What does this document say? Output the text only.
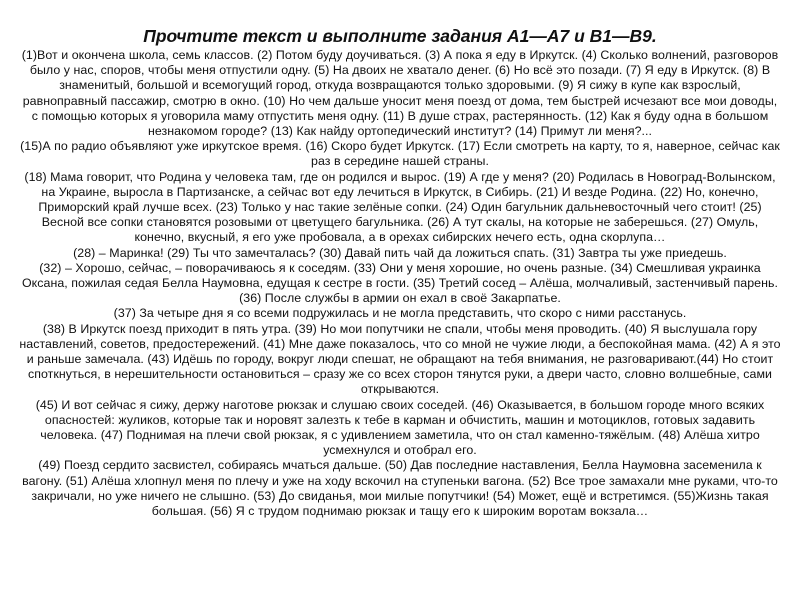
Прочтите текст и выполните задания А1—А7 и В1—В9.

(1)Вот и окончена школа, семь классов. (2) Потом буду доучиваться. (3) А пока я еду в Иркутск. (4) Сколько волнений, разговоров было у нас, споров, чтобы меня отпустили одну. (5) На двоих не хватало денег. (6) Но всё это позади. (7) Я еду в Иркутск. (8) В знаменитый, большой и всемогущий город, откуда возвращаются только здоровыми. (9) Я сижу в купе как взрослый, равноправный пассажир, смотрю в окно. (10) Но чем дальше уносит меня поезд от дома, тем быстрей исчезают все мои доводы, с помощью которых я уговорила маму отпустить меня одну. (11) В душе страх, растерянность. (12) Как я буду одна в большом незнакомом городе? (13) Как найду ортопедический институт? (14) Примут ли меня?...

(15)А по радио объявляют уже иркутское время. (16) Скоро будет Иркутск. (17) Если смотреть на карту, то я, наверное, сейчас как раз в середине нашей страны.

(18) Мама говорит, что Родина у человека там, где он родился и вырос. (19) А где у меня? (20) Родилась в Новоград-Волынском, на Украине, выросла в Партизанске, а сейчас вот еду лечиться в Иркутск, в Сибирь. (21) И везде Родина. (22) Но, конечно, Приморский край лучше всех. (23) Только у нас такие зелёные сопки. (24) Один багульник дальневосточный чего стоит! (25) Весной все сопки становятся розовыми от цветущего багульника. (26) А тут скалы, на которые не заберешься. (27) Омуль, конечно, вкусный, я его уже пробовала, а в орехах сибирских нечего есть, одна скорлупа…

(28) – Маринка! (29) Ты что замечталась? (30) Давай пить чай да ложиться спать. (31) Завтра ты уже приедешь.

(32) – Хорошо, сейчас, – поворачиваюсь я к соседям. (33) Они у меня хорошие, но очень разные. (34) Смешливая украинка Оксана, пожилая седая Белла Наумовна, едущая к сестре в гости. (35) Третий сосед – Алёша, молчаливый, застенчивый парень. (36) После службы в армии он ехал в своё Закарпатье.

(37) За четыре дня я со всеми подружилась и не могла представить, что скоро с ними расстанусь.

(38) В Иркутск поезд приходит в пять утра. (39) Но мои попутчики не спали, чтобы меня проводить. (40) Я выслушала гору наставлений, советов, предостережений. (41) Мне даже показалось, что со мной не чужие люди, а беспокойная мама. (42) А я это и раньше замечала. (43) Идёшь по городу, вокруг люди спешат, не обращают на тебя внимания, не разговаривают.(44) Но стоит споткнуться, в нерешительности остановиться – сразу же со всех сторон тянутся руки, а двери часто, словно волшебные, сами открываются.

(45) И вот сейчас я сижу, держу наготове рюкзак и слушаю своих соседей. (46) Оказывается, в большом городе много всяких опасностей: жуликов, которые так и норовят залезть к тебе в карман и обчистить, машин и мотоциклов, готовых задавить человека. (47) Поднимая на плечи свой рюкзак, я с удивлением заметила, что он стал каменно-тяжёлым. (48) Алёша хитро усмехнулся и отобрал его.

(49) Поезд сердито засвистел, собираясь мчаться дальше. (50) Дав последние наставления, Белла Наумовна засеменила к вагону. (51) Алёша хлопнул меня по плечу и уже на ходу вскочил на ступеньки вагона. (52) Все трое замахали мне руками, что-то закричали, но уже ничего не слышно. (53) До свиданья, мои милые попутчики! (54) Может, ещё и встретимся. (55)Жизнь такая большая. (56) Я с трудом поднимаю рюкзак и тащу его к широким воротам вокзала…
